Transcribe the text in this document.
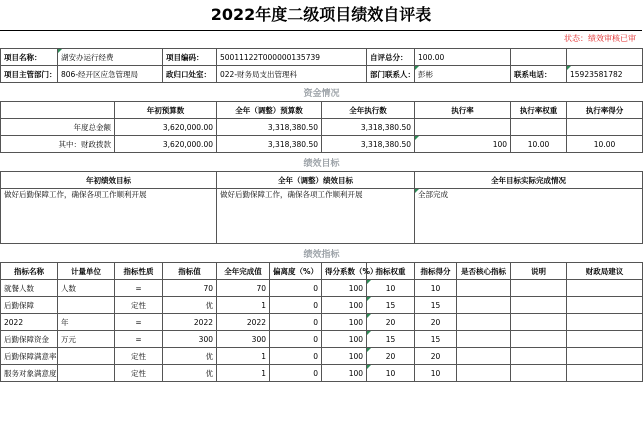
2022年度二级项目绩效自评表
状态：绩效审核已审
项目名称：	湖安办运行经费		项目编码：	50011122T000000135739			自评总分：	100.00			
项目主管部门：	806-经开区应急管理局		政归口处室：	022-财务局支出管理科			部门联系人：	彭彬		联系电话：	15923581782
资金情况											
		年初预算数		全年（调整）预算数		全年执行数		执行率		执行率权重	执行率得分
年度总金额		3,620,000.00		3,318,380.50		3,318,380.50					
其中：财政拨款		3,620,000.00		3,318,380.50		3,318,380.50		100		10.00	10.00
绩效目标											
年初绩效目标				全年（调整）绩效目标				全年目标实际完成情况			
做好后勤保障工作，确保各项工作顺利开展				做好后勤保障工作，确保各项工作顺利开展				全部完成			
绩效指标											
指标名称	计量单位	指标性质	指标值	全年完成值	偏离度（%）	得分系数（%）	指标权重	指标得分	是否核心指标	说明	财政局建议
就餐人数	人数	=	70	70	0	100	10	10			
后勤保障		定性	优	1	0	100	15	15			
2022	年	=	2022	2022	0	100	20	20			
后勤保障资金	万元	=	300	300	0	100	15	15			
后勤保障满意率		定性	优	1	0	100	20	20			
服务对象满意度		定性	优	1	0	100	10	10			
